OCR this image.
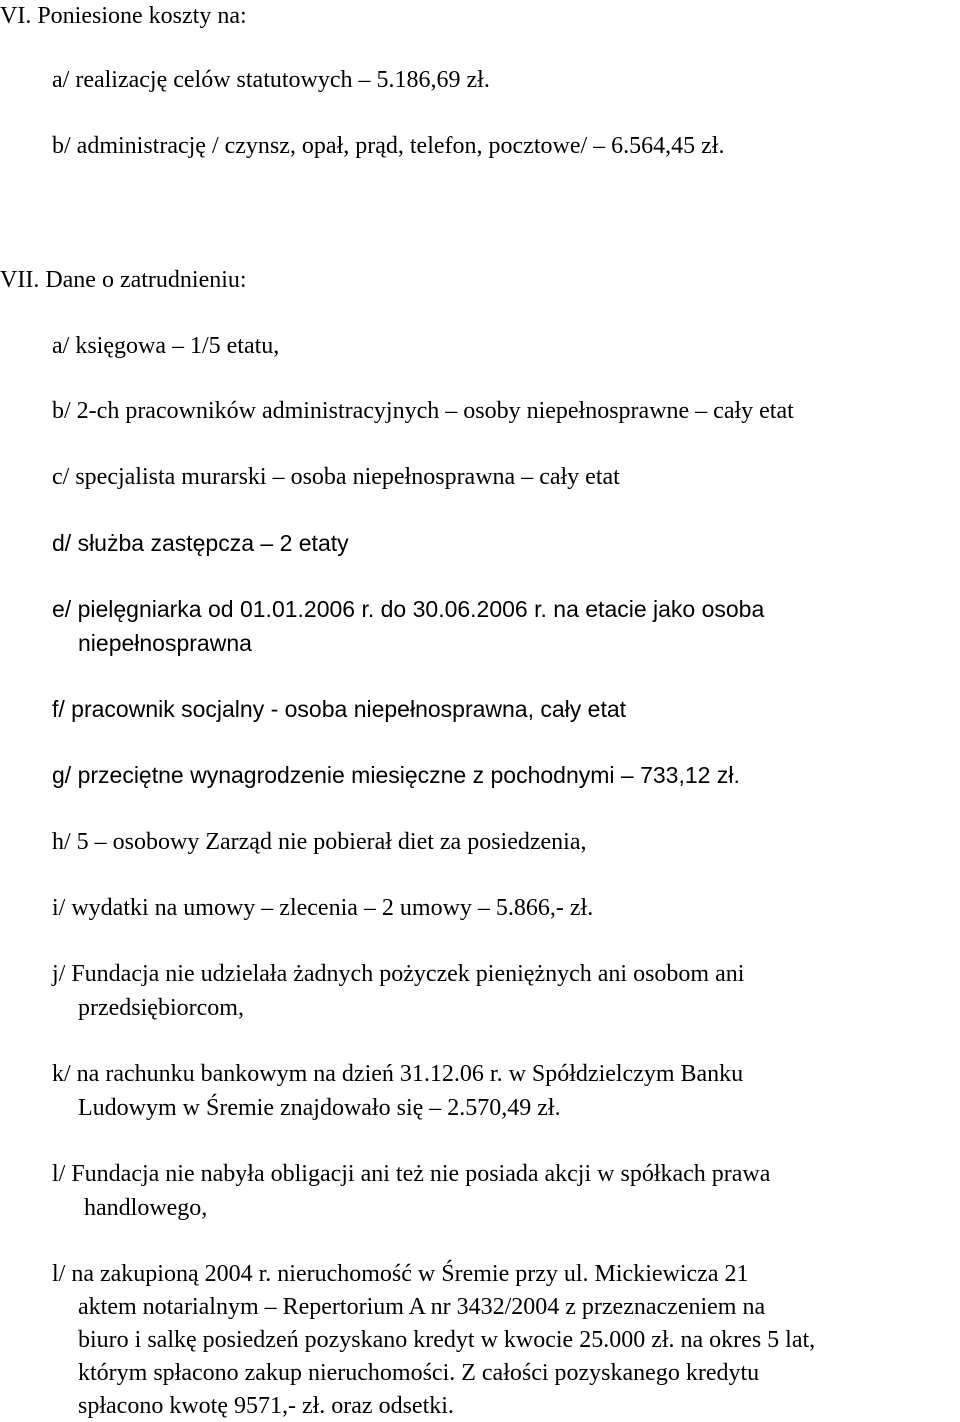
VI. Poniesione koszty na:
a/ realizację celów statutowych – 5.186,69 zł.
b/ administrację / czynsz, opał, prąd, telefon, pocztowe/ – 6.564,45 zł.
VII. Dane o zatrudnieniu:
a/ księgowa – 1/5 etatu,
b/ 2-ch pracowników administracyjnych – osoby niepełnosprawne – cały etat
c/ specjalista murarski – osoba niepełnosprawna – cały etat
d/ służba zastępcza – 2 etaty
e/ pielęgniarka od 01.01.2006 r. do 30.06.2006 r. na etacie jako osoba
niepełnosprawna
f/ pracownik socjalny - osoba niepełnosprawna, cały etat
g/ przeciętne wynagrodzenie miesięczne z pochodnymi – 733,12 zł.
h/ 5 – osobowy Zarząd nie pobierał diet za posiedzenia,
i/ wydatki na umowy – zlecenia – 2 umowy – 5.866,- zł.
j/ Fundacja nie udzielała żadnych pożyczek pieniężnych ani osobom ani
przedsiębiorcom,
k/ na rachunku bankowym na dzień 31.12.06 r. w Spółdzielczym Banku
Ludowym w Śremie znajdowało się – 2.570,49 zł.
l/ Fundacja nie nabyła obligacji ani też nie posiada akcji w spółkach prawa
handlowego,
l/ na zakupioną 2004 r. nieruchomość w Śremie przy ul. Mickiewicza 21
aktem notarialnym – Repertorium A nr 3432/2004 z przeznaczeniem na
biuro i salkę posiedzeń pozyskano kredyt w kwocie 25.000 zł. na okres 5 lat,
którym spłacono zakup nieruchomości. Z całości pozyskanego kredytu
spłacono kwotę 9571,- zł. oraz odsetki.
